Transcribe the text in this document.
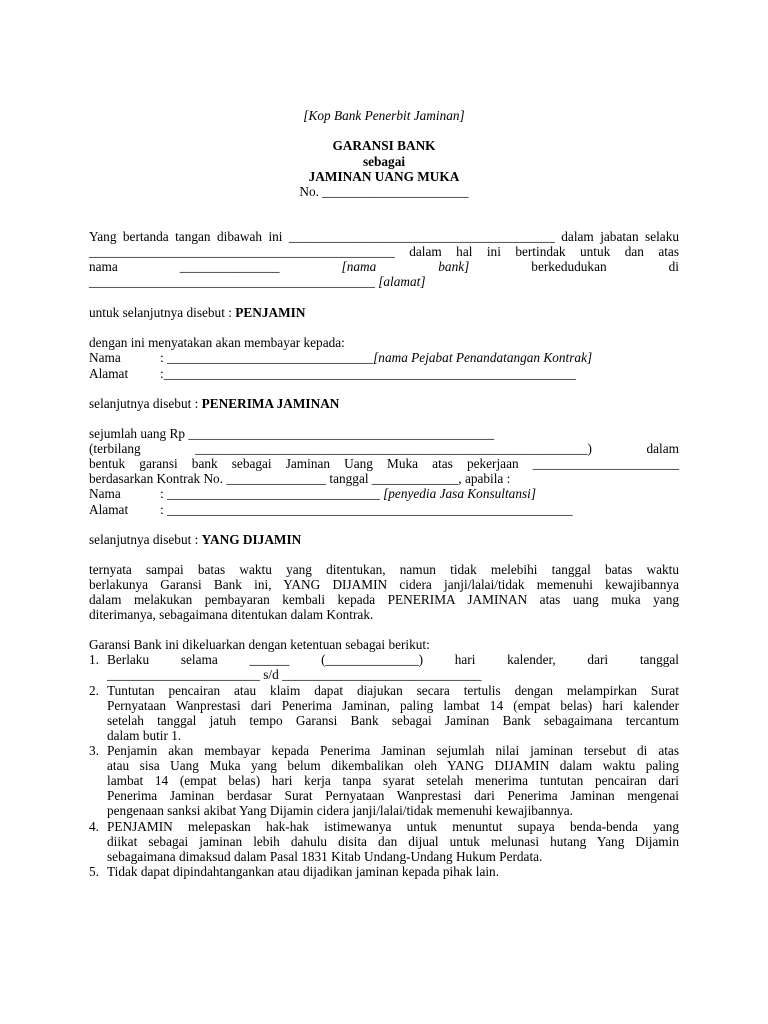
[Kop Bank Penerbit Jaminan]
GARANSI BANK
sebagai
JAMINAN UANG MUKA
No. ______________________
Yang bertanda tangan dibawah ini ________________________________________ dalam jabatan selaku
______________________________________________ dalam hal ini bertindak untuk dan atas
nama	_______________	[nama	bank]	berkedudukan	di
___________________________________________ [alamat]
untuk selanjutnya disebut : PENJAMIN
dengan ini menyatakan akan membayar kepada:
Nama	: _______________________________[nama Pejabat Penandatangan Kontrak]
Alamat :______________________________________________________________
selanjutnya disebut : PENERIMA JAMINAN
sejumlah uang Rp ______________________________________________
(terbilang	___________________________________________________________)	dalam
bentuk garansi bank sebagai Jaminan Uang Muka atas pekerjaan ______________________
berdasarkan Kontrak No. _______________ tanggal _____________, apabila :
Nama	: ________________________________ [penyedia Jasa Konsultansi]
Alamat : _____________________________________________________________
selanjutnya disebut : YANG DIJAMIN
ternyata sampai batas waktu yang ditentukan, namun tidak melebihi tanggal batas waktu
berlakunya Garansi Bank ini, YANG DIJAMIN cidera janji/lalai/tidak memenuhi kewajibannya
dalam melakukan pembayaran kembali kepada PENERIMA JAMINAN atas uang muka yang
diterimanya, sebagaimana ditentukan dalam Kontrak.
Garansi Bank ini dikeluarkan dengan ketentuan sebagai berikut:
1. Berlaku selama ______ (______________) hari kalender, dari tanggal
_______________________ s/d ______________________________
2. Tuntutan pencairan atau klaim dapat diajukan secara tertulis dengan melampirkan Surat
Pernyataan Wanprestasi dari Penerima Jaminan, paling lambat 14 (empat belas) hari kalender
setelah tanggal jatuh tempo Garansi Bank sebagai Jaminan Bank sebagaimana tercantum
dalam butir 1.
3. Penjamin akan membayar kepada Penerima Jaminan sejumlah nilai jaminan tersebut di atas
atau sisa Uang Muka yang belum dikembalikan oleh YANG DIJAMIN dalam waktu paling
lambat 14 (empat belas) hari kerja tanpa syarat setelah menerima tuntutan pencairan dari
Penerima Jaminan berdasar Surat Pernyataan Wanprestasi dari Penerima Jaminan mengenai
pengenaan sanksi akibat Yang Dijamin cidera janji/lalai/tidak memenuhi kewajibannya.
4. PENJAMIN melepaskan hak-hak istimewanya untuk menuntut supaya benda-benda yang
diikat sebagai jaminan lebih dahulu disita dan dijual untuk melunasi hutang Yang Dijamin
sebagaimana dimaksud dalam Pasal 1831 Kitab Undang-Undang Hukum Perdata.
5. Tidak dapat dipindahtangankan atau dijadikan jaminan kepada pihak lain.
